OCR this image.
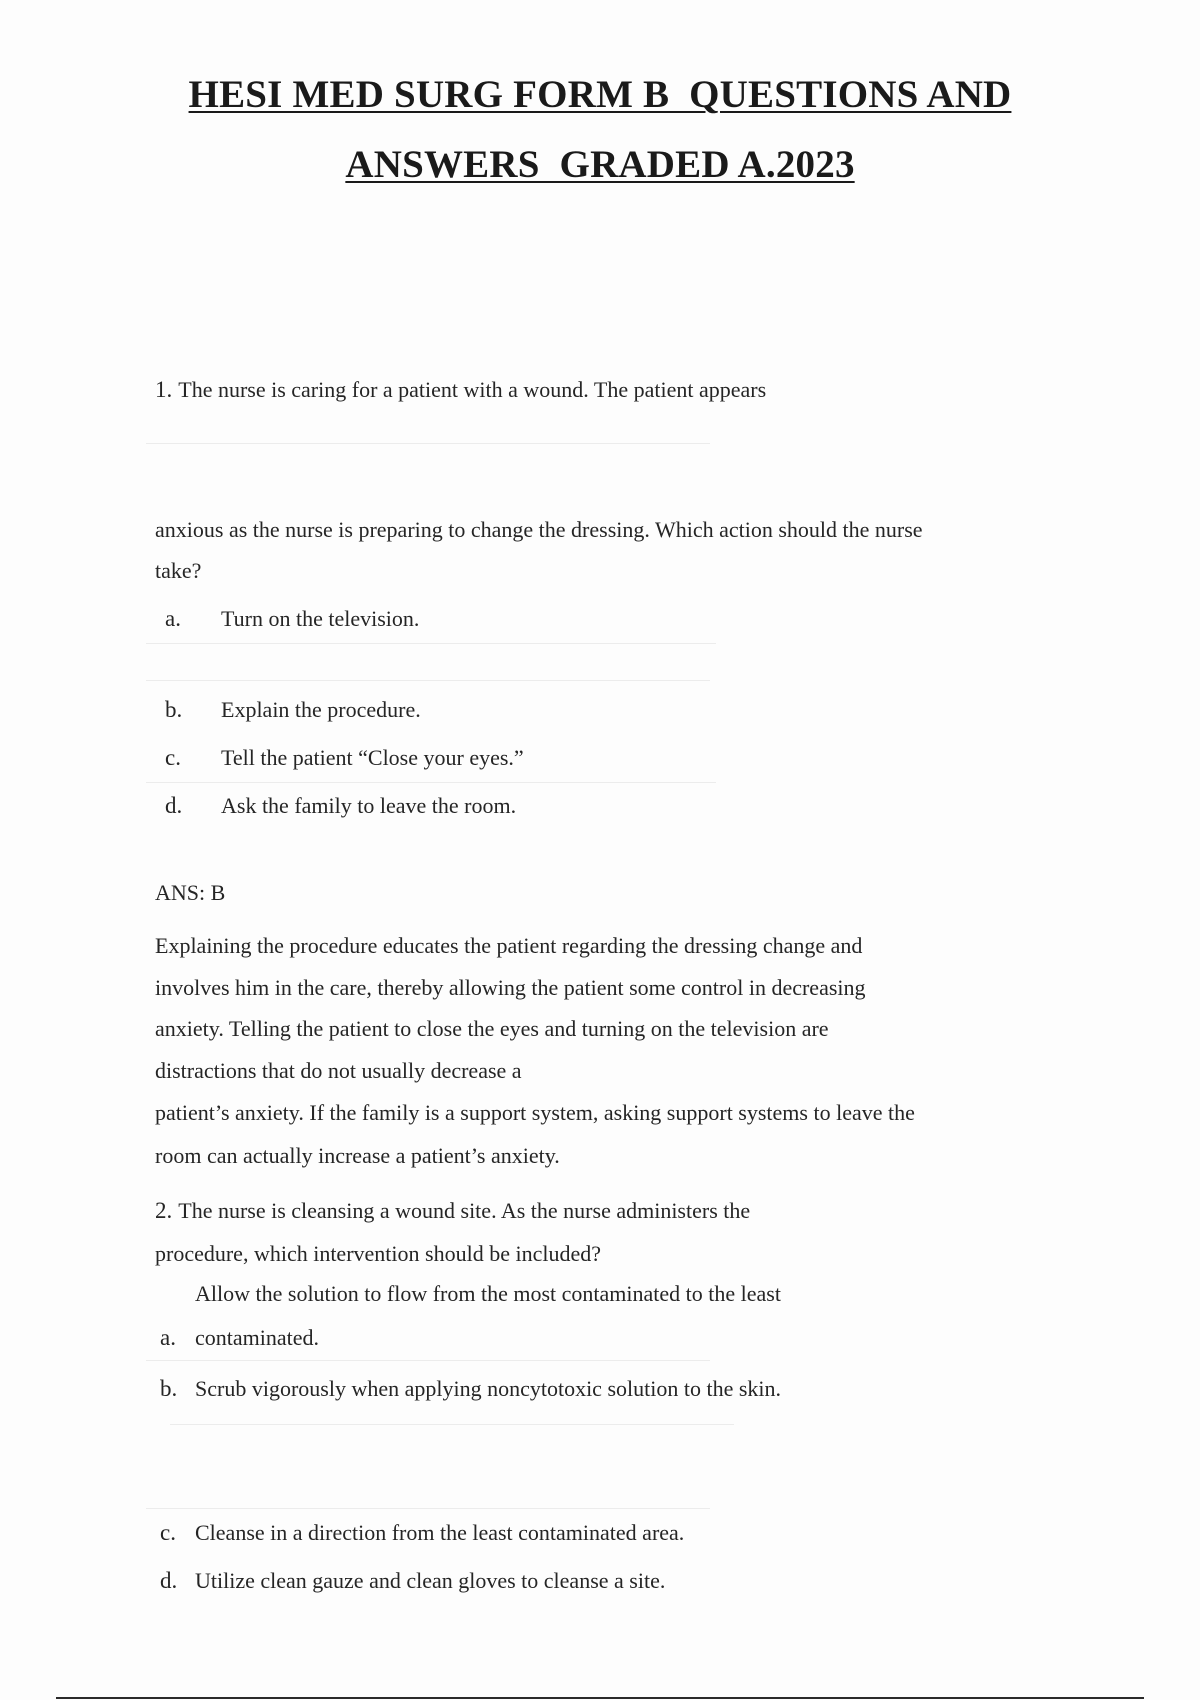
HESI MED SURG FORM B  QUESTIONS AND
ANSWERS  GRADED A.2023
1. The nurse is caring for a patient with a wound. The patient appears
anxious as the nurse is preparing to change the dressing. Which action should the nurse
take?
a. Turn on the television.
b. Explain the procedure.
c. Tell the patient “Close your eyes.”
d. Ask the family to leave the room.
ANS: B
Explaining the procedure educates the patient regarding the dressing change and
involves him in the care, thereby allowing the patient some control in decreasing
anxiety. Telling the patient to close the eyes and turning on the television are
distractions that do not usually decrease a
patient’s anxiety. If the family is a support system, asking support systems to leave the
room can actually increase a patient’s anxiety.
2. The nurse is cleansing a wound site. As the nurse administers the
procedure, which intervention should be included?
Allow the solution to flow from the most contaminated to the least
a. contaminated.
b. Scrub vigorously when applying noncytotoxic solution to the skin.
c. Cleanse in a direction from the least contaminated area.
d. Utilize clean gauze and clean gloves to cleanse a site.
